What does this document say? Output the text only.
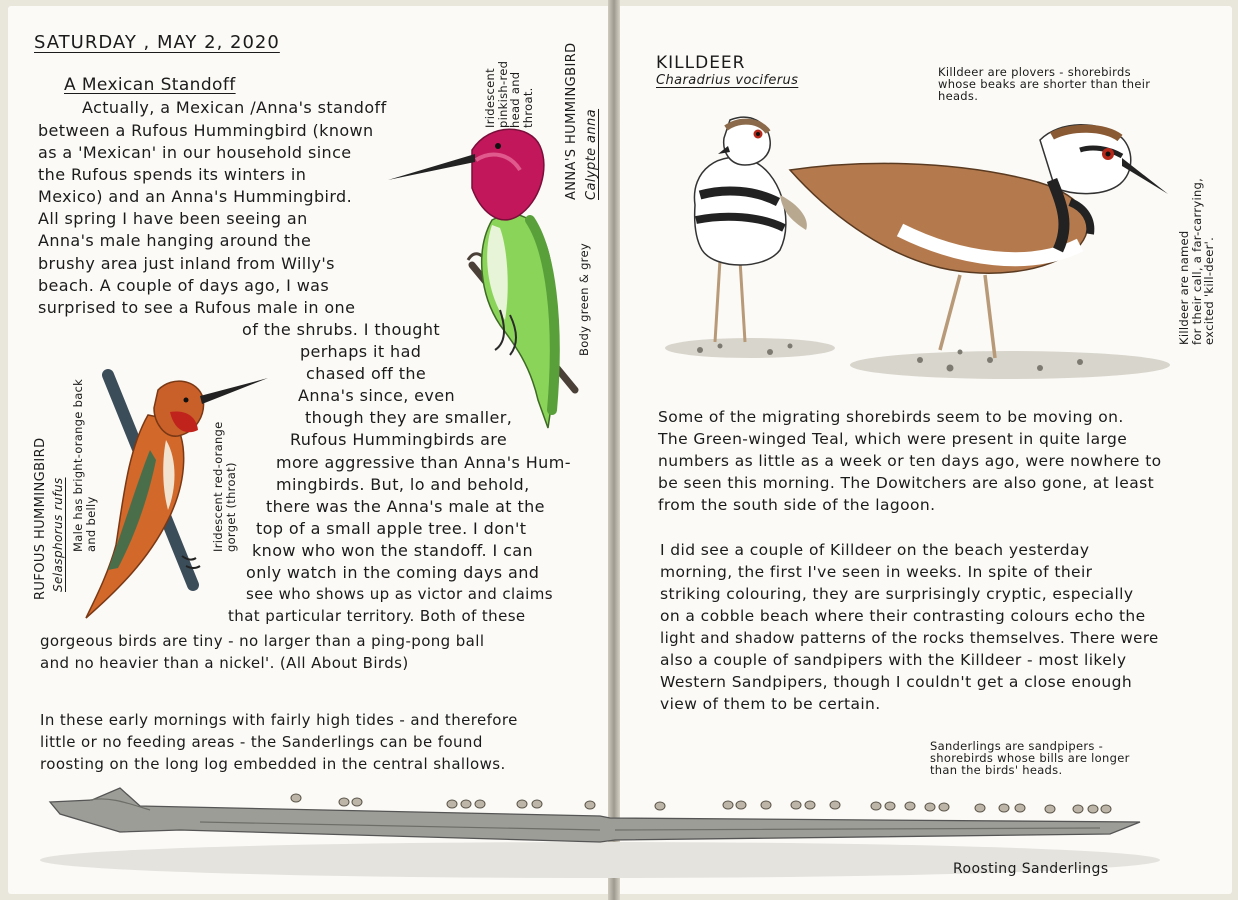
SATURDAY , MAY 2, 2020
A Mexican Standoff
Actually, a Mexican /Anna's standoff
between a Rufous Hummingbird (known
as a 'Mexican' in our household since
the Rufous spends its winters in
Mexico) and an Anna's Hummingbird.
All spring I have been seeing an
Anna's male hanging around the
brushy area just inland from Willy's
beach. A couple of days ago, I was
surprised to see a Rufous male in one
of the shrubs. I thought
perhaps it had
chased off the
Anna's since, even
though they are smaller,
Rufous Hummingbirds are
more aggressive than Anna's Hum-
mingbirds. But, lo and behold,
there was the Anna's male at the
top of a small apple tree. I don't
know who won the standoff. I can
only watch in the coming days and
see who shows up as victor and claims
that particular territory. Both of these
gorgeous birds are tiny - no larger than a ping-pong ball
and no heavier than a nickel'. (All About Birds)
In these early mornings with fairly high tides - and therefore
little or no feeding areas - the Sanderlings can be found
roosting on the long log embedded in the central shallows.
ANNA'S HUMMINGBIRD Calypte anna
Iridescent
pinkish-red
head and
throat.
Body green & grey
RUFOUS HUMMINGBIRD Selasphorus rufus Male has bright-orange back
and belly	Iridescent red-orange
gorget (throat)
KILLDEER
Charadrius vociferus
Killdeer are plovers - shorebirds
whose beaks are shorter than their
heads.
Killdeer are named
for their call, a far-carrying,
excited 'kill-deer'.
Some of the migrating shorebirds seem to be moving on.
The Green-winged Teal, which were present in quite large
numbers as little as a week or ten days ago, were nowhere to
be seen this morning. The Dowitchers are also gone, at least
from the south side of the lagoon.
I did see a couple of Killdeer on the beach yesterday
morning, the first I've seen in weeks. In spite of their
striking colouring, they are surprisingly cryptic, especially
on a cobble beach where their contrasting colours echo the
light and shadow patterns of the rocks themselves. There were
also a couple of sandpipers with the Killdeer - most likely
Western Sandpipers, though I couldn't get a close enough
view of them to be certain.
Sanderlings are sandpipers -
shorebirds whose bills are longer
than the birds' heads.
Roosting Sanderlings
